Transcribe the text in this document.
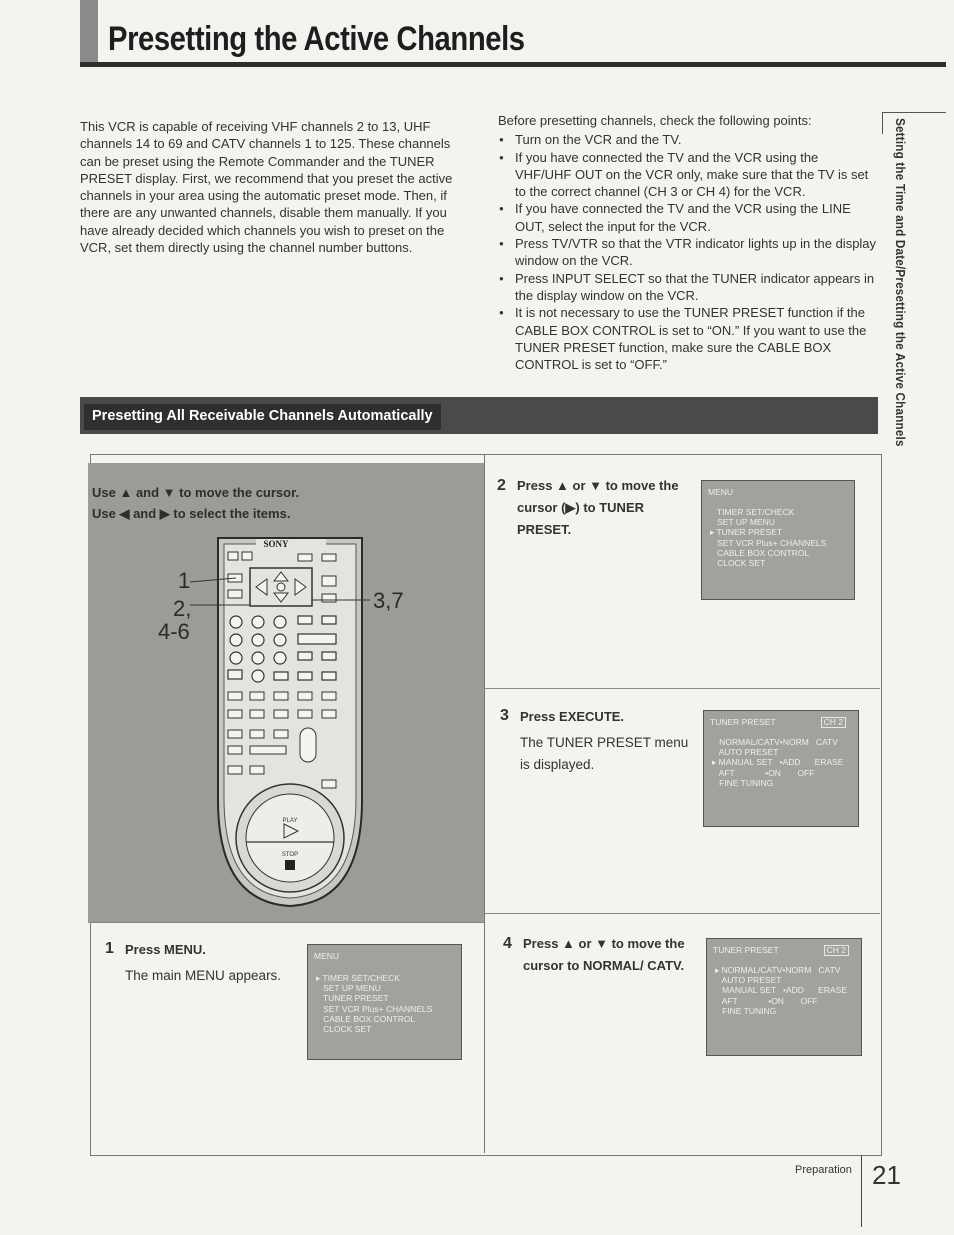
Presetting the Active Channels
This VCR is capable of receiving VHF channels 2 to 13, UHF channels 14 to 69 and CATV channels 1 to 125. These channels can be preset using the Remote Commander and the TUNER PRESET display. First, we recommend that you preset the active channels in your area using the automatic preset mode. Then, if there are any unwanted channels, disable them manually. If you have already decided which channels you wish to preset on the VCR, set them directly using the channel number buttons.
Before presetting channels, check the following points:
● Turn on the VCR and the TV.
● If you have connected the TV and the VCR using the VHF/UHF OUT on the VCR only, make sure that the TV is set to the correct channel (CH 3 or CH 4) for the VCR.
● If you have connected the TV and the VCR using the LINE OUT, select the input for the VCR.
● Press TV/VTR so that the VTR indicator lights up in the display window on the VCR.
● Press INPUT SELECT so that the TUNER indicator appears in the display window on the VCR.
● It is not necessary to use the TUNER PRESET function if the CABLE BOX CONTROL is set to “ON.” If you want to use the TUNER PRESET function, make sure the CABLE BOX CONTROL is set to “OFF.”	Setting the Time and Date/Presetting the Active Channels
Presetting All Receivable Channels Automatically
Use ▲ and ▼ to move the cursor.
Use ◀ and ▶ to select the items.
PLAY
STOP
SONY
1
2,
4-6
3,7
1 Press MENU.
The main MENU appears.
MENU
▸ TIMER SET/CHECK
SET UP MENU
TUNER PRESET
SET VCR Plus+ CHANNELS
CABLE BOX CONTROL
CLOCK SET
2 Press ▲ or ▼ to move the cursor (▶) to TUNER PRESET.
MENU
TIMER SET/CHECK
SET UP MENU
▸ TUNER PRESET
SET VCR Plus+ CHANNELS
CABLE BOX CONTROL
CLOCK SET
3 Press EXECUTE.
The TUNER PRESET menu is displayed.
TUNER PRESET	CH 2
NORMAL/CATV•NORM   CATV
AUTO PRESET
▸ MANUAL SET   •ADD      ERASE
AFT             •ON       OFF
FINE TUNING
4 Press ▲ or ▼ to move the cursor to NORMAL/ CATV.
TUNER PRESET	CH 2
▸ NORMAL/CATV•NORM   CATV
AUTO PRESET
MANUAL SET   •ADD      ERASE
AFT             •ON       OFF
FINE TUNING
Preparation 21
